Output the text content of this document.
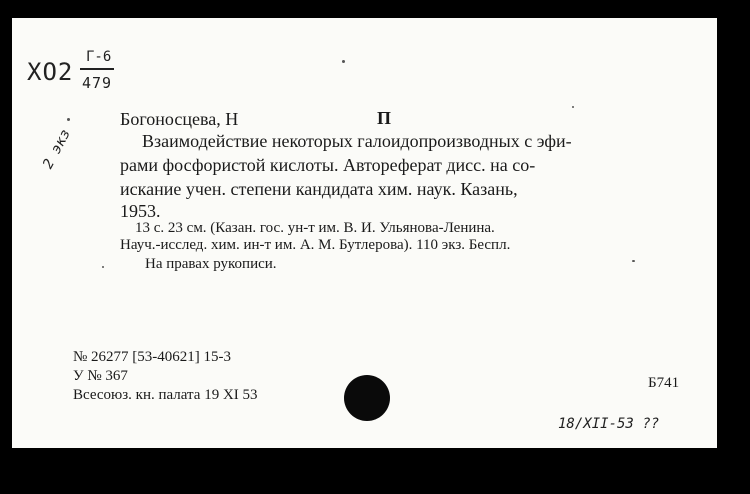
ХО2
Г-6
479
2 экз
Богоносцева, Н	П
Взаимодействие некоторых галоидопроизводных с эфи-
рами фосфористой кислоты. Автореферат дисс. на со-
искание учен. степени кандидата хим. наук. Казань,
1953.
13 с. 23 см. (Казан. гос. ун-т им. В. И. Ульянова-Ленина.
Науч.-исслед. хим. ин-т им. А. М. Бутлерова). 110 экз. Беспл.
На правах рукописи.
№ 26277 [53-40621] 15-3
У № 367
Всесоюз. кн. палата 19 XI 53
Б741
18/XII-53 ??
